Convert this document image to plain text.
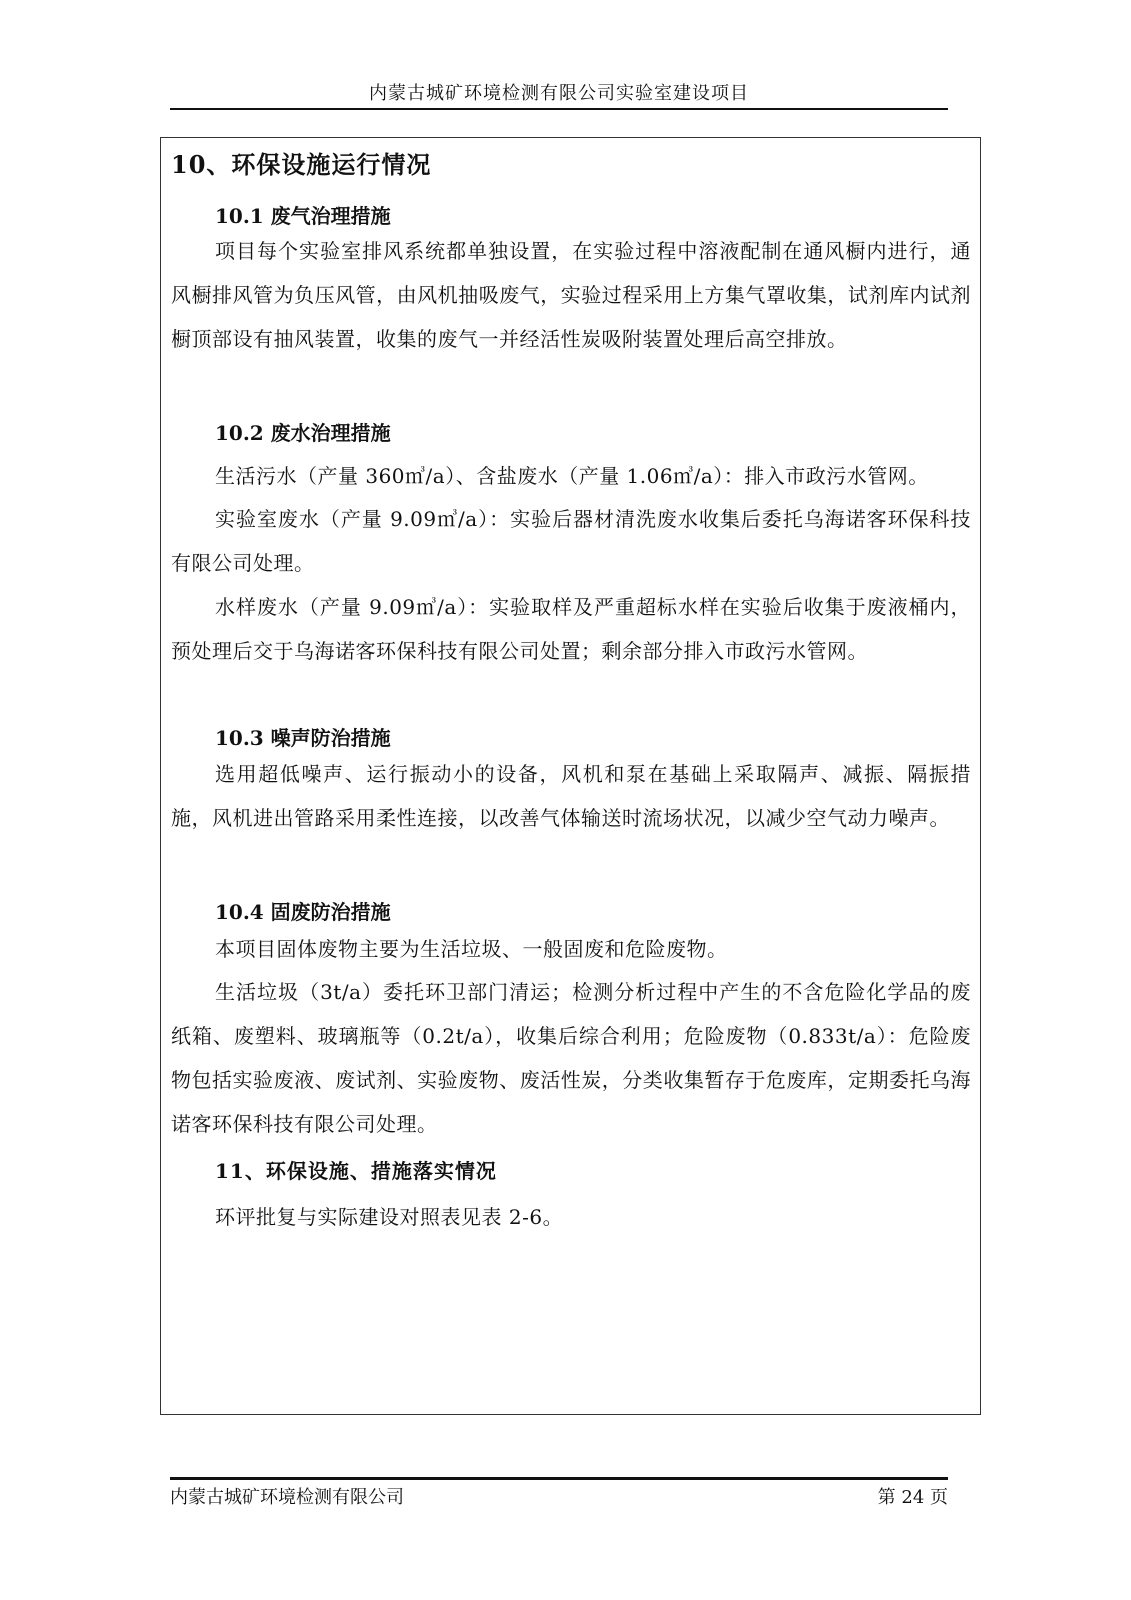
内蒙古城矿环境检测有限公司实验室建设项目
10、环保设施运行情况
10.1 废气治理措施

项目每个实验室排风系统都单独设置，在实验过程中溶液配制在通风橱内进行，通风橱排风管为负压风管，由风机抽吸废气，实验过程采用上方集气罩收集，试剂库内试剂橱顶部设有抽风装置，收集的废气一并经活性炭吸附装置处理后高空排放。

10.2 废水治理措施

生活污水（产量 360㎥/a）、含盐废水（产量 1.06㎥/a）：排入市政污水管网。

实验室废水（产量 9.09㎥/a）：实验后器材清洗废水收集后委托乌海诺客环保科技有限公司处理。

水样废水（产量 9.09㎥/a）：实验取样及严重超标水样在实验后收集于废液桶内，预处理后交于乌海诺客环保科技有限公司处置；剩余部分排入市政污水管网。

10.3 噪声防治措施

选用超低噪声、运行振动小的设备，风机和泵在基础上采取隔声、减振、隔振措施，风机进出管路采用柔性连接，以改善气体输送时流场状况，以减少空气动力噪声。

10.4 固废防治措施

本项目固体废物主要为生活垃圾、一般固废和危险废物。

生活垃圾（3t/a）委托环卫部门清运；检测分析过程中产生的不含危险化学品的废纸箱、废塑料、玻璃瓶等（0.2t/a），收集后综合利用；危险废物（0.833t/a）：危险废物包括实验废液、废试剂、实验废物、废活性炭，分类收集暂存于危废库，定期委托乌海诺客环保科技有限公司处理。

11、环保设施、措施落实情况

环评批复与实际建设对照表见表 2-6。

内蒙古城矿环境检测有限公司	第 24 页
